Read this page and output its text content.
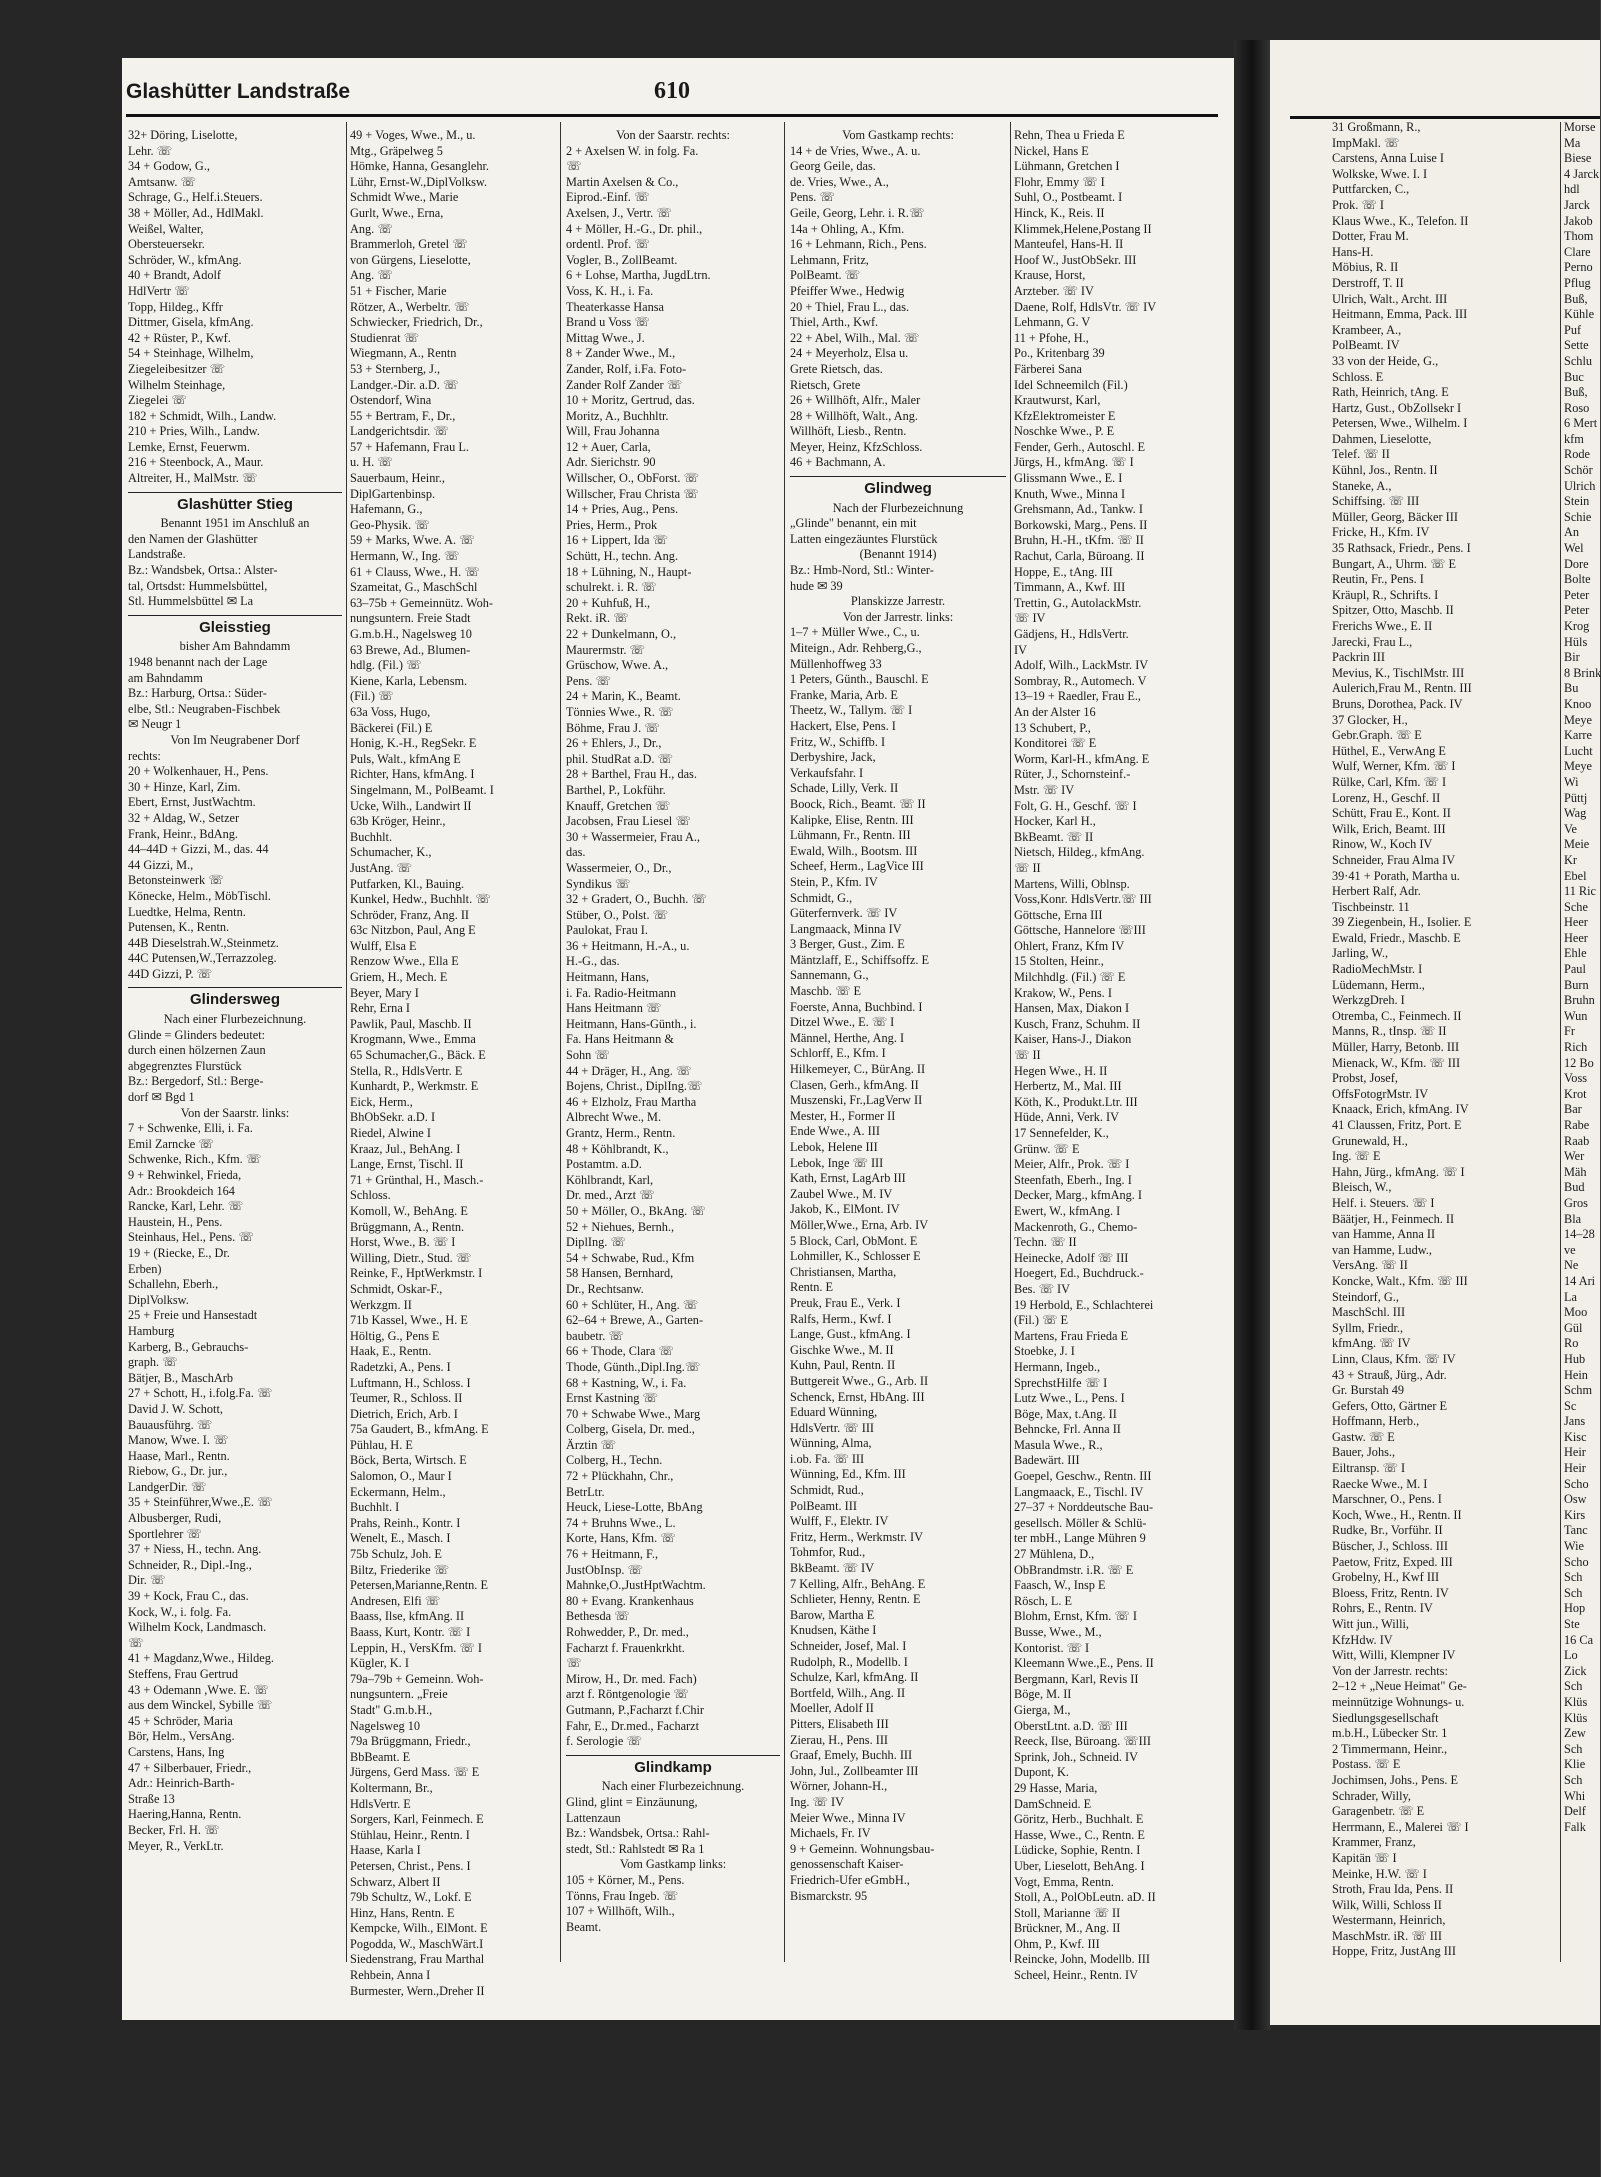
Glashütter Landstraße	610
32+ Döring, Liselotte,
Lehr. ☏
34 + Godow, G.,
Amtsanw. ☏
Schrage, G., Helf.i.Steuers.
38 + Möller, Ad., HdlMakl.
Weißel, Walter,
Obersteuersekr.
Schröder, W., kfmAng.
40 + Brandt, Adolf
HdlVertr ☏
Topp, Hildeg., Kffr
Dittmer, Gisela, kfmAng.
42 + Rüster, P., Kwf.
54 + Steinhage, Wilhelm,
Ziegeleibesitzer ☏
Wilhelm Steinhage,
Ziegelei ☏
182 + Schmidt, Wilh., Landw.
210 + Pries, Wilh., Landw.
Lemke, Ernst, Feuerwm.
216 + Steenbock, A., Maur.
Altreiter, H., MalMstr. ☏
Glashütter Stieg
Benannt 1951 im Anschluß an
den Namen der Glashütter
Landstraße.
Bz.: Wandsbek, Ortsa.: Alster-
tal, Ortsdst: Hummelsbüttel,
Stl. Hummelsbüttel ✉ La
Gleisstieg
bisher Am Bahndamm
1948 benannt nach der Lage
am Bahndamm
Bz.: Harburg, Ortsa.: Süder-
elbe, Stl.: Neugraben-Fischbek
✉ Neugr 1
Von Im Neugrabener Dorf
rechts:
20 + Wolkenhauer, H., Pens.
30 + Hinze, Karl, Zim.
Ebert, Ernst, JustWachtm.
32 + Aldag, W., Setzer
Frank, Heinr., BdAng.
44–44D + Gizzi, M., das. 44
44 Gizzi, M.,
Betonsteinwerk ☏
Könecke, Helm., MöbTischl.
Luedtke, Helma, Rentn.
Putensen, K., Rentn.
44B Dieselstrah.W.,Steinmetz.
44C Putensen,W.,Terrazzoleg.
44D Gizzi, P. ☏
Glindersweg
Nach einer Flurbezeichnung.
Glinde = Glinders bedeutet:
durch einen hölzernen Zaun
abgegrenztes Flurstück
Bz.: Bergedorf, Stl.: Berge-
dorf ✉ Bgd 1
Von der Saarstr. links:
7 + Schwenke, Elli, i. Fa.
Emil Zarncke ☏
Schwenke, Rich., Kfm. ☏
9 + Rehwinkel, Frieda,
Adr.: Brookdeich 164
Rancke, Karl, Lehr. ☏
Haustein, H., Pens.
Steinhaus, Hel., Pens. ☏
19 + (Riecke, E., Dr.
Erben)
Schallehn, Eberh.,
DiplVolksw.
25 + Freie und Hansestadt
Hamburg
Karberg, B., Gebrauchs-
graph. ☏
Bätjer, B., MaschArb
27 + Schott, H., i.folg.Fa. ☏
David J. W. Schott,
Bauausführg. ☏
Manow, Wwe. I. ☏
Haase, Marl., Rentn.
Riebow, G., Dr. jur.,
LandgerDir. ☏
35 + Steinführer,Wwe.,E. ☏
Albusberger, Rudi,
Sportlehrer ☏
37 + Niess, H., techn. Ang.
Schneider, R., Dipl.-Ing.,
Dir. ☏
39 + Kock, Frau C., das.
Kock, W., i. folg. Fa.
Wilhelm Kock, Landmasch.
☏
41 + Magdanz,Wwe., Hildeg.
Steffens, Frau Gertrud
43 + Odemann ,Wwe. E. ☏
aus dem Winckel, Sybille ☏
45 + Schröder, Maria
Bör, Helm., VersAng.
Carstens, Hans, Ing
47 + Silberbauer, Friedr.,
Adr.: Heinrich-Barth-
Straße 13
Haering,Hanna, Rentn.
Becker, Frl. H. ☏
Meyer, R., VerkLtr.
49 + Voges, Wwe., M., u.
Mtg., Gräpelweg 5
Hömke, Hanna, Gesanglehr.
Lühr, Ernst-W.,DiplVolksw.
Schmidt Wwe., Marie
Gurlt, Wwe., Erna,
Ang. ☏
Brammerloh, Gretel ☏
von Gürgens, Lieselotte,
Ang. ☏
51 + Fischer, Marie
Rötzer, A., Werbeltr. ☏
Schwiecker, Friedrich, Dr.,
Studienrat ☏
Wiegmann, A., Rentn
53 + Sternberg, J.,
Landger.-Dir. a.D. ☏
Ostendorf, Wina
55 + Bertram, F., Dr.,
Landgerichtsdir. ☏
57 + Hafemann, Frau L.
u. H. ☏
Sauerbaum, Heinr.,
DiplGartenbinsp.
Hafemann, G.,
Geo-Physik. ☏
59 + Marks, Wwe. A. ☏
Hermann, W., Ing. ☏
61 + Clauss, Wwe., H. ☏
Szameitat, G., MaschSchl
63–75b + Gemeinnütz. Woh-
nungsuntern. Freie Stadt
G.m.b.H., Nagelsweg 10
63 Brewe, Ad., Blumen-
hdlg. (Fil.) ☏
Kiene, Karla, Lebensm.
(Fil.) ☏
63a Voss, Hugo,
Bäckerei (Fil.) E
Honig, K.-H., RegSekr. E
Puls, Walt., kfmAng E
Richter, Hans, kfmAng. I
Singelmann, M., PolBeamt. I
Ucke, Wilh., Landwirt II
63b Kröger, Heinr.,
Buchhlt.
Schumacher, K.,
JustAng. ☏
Putfarken, Kl., Bauing.
Kunkel, Hedw., Buchhlt. ☏
Schröder, Franz, Ang. II
63c Nitzbon, Paul, Ang E
Wulff, Elsa E
Renzow Wwe., Ella E
Griem, H., Mech. E
Beyer, Mary I
Rehr, Erna I
Pawlik, Paul, Maschb. II
Krogmann, Wwe., Emma
65 Schumacher,G., Bäck. E
Stella, R., HdlsVertr. E
Kunhardt, P., Werkmstr. E
Eick, Herm.,
BhObSekr. a.D. I
Riedel, Alwine I
Kraaz, Jul., BehAng. I
Lange, Ernst, Tischl. II
71 + Grünthal, H., Masch.-
Schloss.
Komoll, W., BehAng. E
Brüggmann, A., Rentn.
Horst, Wwe., B. ☏ I
Willing, Dietr., Stud. ☏
Reinke, F., HptWerkmstr. I
Schmidt, Oskar-F.,
Werkzgm. II
71b Kassel, Wwe., H. E
Höltig, G., Pens E
Haak, E., Rentn.
Radetzki, A., Pens. I
Luftmann, H., Schloss. I
Teumer, R., Schloss. II
Dietrich, Erich, Arb. I
75a Gaudert, B., kfmAng. E
Pühlau, H. E
Böck, Berta, Wirtsch. E
Salomon, O., Maur I
Eckermann, Helm.,
Buchhlt. I
Prahs, Reinh., Kontr. I
Wenelt, E., Masch. I
75b Schulz, Joh. E
Biltz, Friederike ☏
Petersen,Marianne,Rentn. E
Andresen, Elfi ☏
Baass, Ilse, kfmAng. II
Baass, Kurt, Kontr. ☏ I
Leppin, H., VersKfm. ☏ I
Kügler, K. I
79a–79b + Gemeinn. Woh-
nungsuntern. „Freie
Stadt" G.m.b.H.,
Nagelsweg 10
79a Brüggmann, Friedr.,
BbBeamt. E
Jürgens, Gerd Mass. ☏ E
Koltermann, Br.,
HdlsVertr. E
Sorgers, Karl, Feinmech. E
Stühlau, Heinr., Rentn. I
Haase, Karla I
Petersen, Christ., Pens. I
Schwarz, Albert II
79b Schultz, W., Lokf. E
Hinz, Hans, Rentn. E
Kempcke, Wilh., ElMont. E
Pogodda, W., MaschWärt.I
Siedenstrang, Frau Marthal
Rehbein, Anna I
Burmester, Wern.,Dreher II
Von der Saarstr. rechts:
2 + Axelsen W. in folg. Fa.
☏
Martin Axelsen & Co.,
Eiprod.-Einf. ☏
Axelsen, J., Vertr. ☏
4 + Möller, H.-G., Dr. phil.,
ordentl. Prof. ☏
Vogler, B., ZollBeamt.
6 + Lohse, Martha, JugdLtrn.
Voss, K. H., i. Fa.
Theaterkasse Hansa
Brand u Voss ☏
Mittag Wwe., J.
8 + Zander Wwe., M.,
Zander, Rolf, i.Fa. Foto-
Zander Rolf Zander ☏
10 + Moritz, Gertrud, das.
Moritz, A., Buchhltr.
Will, Frau Johanna
12 + Auer, Carla,
Adr. Sierichstr. 90
Willscher, O., ObForst. ☏
Willscher, Frau Christa ☏
14 + Pries, Aug., Pens.
Pries, Herm., Prok
16 + Lippert, Ida ☏
Schütt, H., techn. Ang.
18 + Lühning, N., Haupt-
schulrekt. i. R. ☏
20 + Kuhfuß, H.,
Rekt. iR. ☏
22 + Dunkelmann, O.,
Maurermstr. ☏
Grüschow, Wwe. A.,
Pens. ☏
24 + Marin, K., Beamt.
Tönnies Wwe., R. ☏
Böhme, Frau J. ☏
26 + Ehlers, J., Dr.,
phil. StudRat a.D. ☏
28 + Barthel, Frau H., das.
Barthel, P., Lokführ.
Knauff, Gretchen ☏
Jacobsen, Frau Liesel ☏
30 + Wassermeier, Frau A.,
das.
Wassermeier, O., Dr.,
Syndikus ☏
32 + Gradert, O., Buchh. ☏
Stüber, O., Polst. ☏
Paulokat, Frau I.
36 + Heitmann, H.-A., u.
H.-G., das.
Heitmann, Hans,
i. Fa. Radio-Heitmann
Hans Heitmann ☏
Heitmann, Hans-Günth., i.
Fa. Hans Heitmann &
Sohn ☏
44 + Dräger, H., Ang. ☏
Bojens, Christ., DiplIng.☏
46 + Elzholz, Frau Martha
Albrecht Wwe., M.
Grantz, Herm., Rentn.
48 + Köhlbrandt, K.,
Postamtm. a.D.
Köhlbrandt, Karl,
Dr. med., Arzt ☏
50 + Möller, O., BkAng. ☏
52 + Niehues, Bernh.,
DiplIng. ☏
54 + Schwabe, Rud., Kfm
58 Hansen, Bernhard,
Dr., Rechtsanw.
60 + Schlüter, H., Ang. ☏
62–64 + Brewe, A., Garten-
baubetr. ☏
66 + Thode, Clara ☏
Thode, Günth.,Dipl.Ing.☏
68 + Kastning, W., i. Fa.
Ernst Kastning ☏
70 + Schwabe Wwe., Marg
Colberg, Gisela, Dr. med.,
Ärztin ☏
Colberg, H., Techn.
72 + Plückhahn, Chr.,
BetrLtr.
Heuck, Liese-Lotte, BbAng
74 + Bruhns Wwe., L.
Korte, Hans, Kfm. ☏
76 + Heitmann, F.,
JustObInsp. ☏
Mahnke,O.,JustHptWachtm.
80 + Evang. Krankenhaus
Bethesda ☏
Rohwedder, P., Dr. med.,
Facharzt f. Frauenkrkht.
☏
Mirow, H., Dr. med. Fach)
arzt f. Röntgenologie ☏
Gutmann, P.,Facharzt f.Chir
Fahr, E., Dr.med., Facharzt
f. Serologie ☏
Glindkamp
Nach einer Flurbezeichnung.
Glind, glint = Einzäunung,
Lattenzaun
Bz.: Wandsbek, Ortsa.: Rahl-
stedt, Stl.: Rahlstedt ✉ Ra 1
Vom Gastkamp links:
105 + Körner, M., Pens.
Tönns, Frau Ingeb. ☏
107 + Willhöft, Wilh.,
Beamt.
Vom Gastkamp rechts:
14 + de Vries, Wwe., A. u.
Georg Geile, das.
de. Vries, Wwe., A.,
Pens. ☏
Geile, Georg, Lehr. i. R.☏
14a + Ohling, A., Kfm.
16 + Lehmann, Rich., Pens.
Lehmann, Fritz,
PolBeamt. ☏
Pfeiffer Wwe., Hedwig
20 + Thiel, Frau L., das.
Thiel, Arth., Kwf.
22 + Abel, Wilh., Mal. ☏
24 + Meyerholz, Elsa u.
Grete Rietsch, das.
Rietsch, Grete
26 + Willhöft, Alfr., Maler
28 + Willhöft, Walt., Ang.
Willhöft, Liesb., Rentn.
Meyer, Heinz, KfzSchloss.
46 + Bachmann, A.
Glindweg
Nach der Flurbezeichnung
„Glinde" benannt, ein mit
Latten eingezäuntes Flurstück
(Benannt 1914)
Bz.: Hmb-Nord, Stl.: Winter-
hude ✉ 39
Planskizze Jarrestr.
Von der Jarrestr. links:
1–7 + Müller Wwe., C., u.
Miteign., Adr. Rehberg,G.,
Müllenhoffweg 33
1 Peters, Günth., Bauschl. E
Franke, Maria, Arb. E
Theetz, W., Tallym. ☏ I
Hackert, Else, Pens. I
Fritz, W., Schiffb. I
Derbyshire, Jack,
Verkaufsfahr. I
Schade, Lilly, Verk. II
Boock, Rich., Beamt. ☏ II
Kalipke, Elise, Rentn. III
Lühmann, Fr., Rentn. III
Ewald, Wilh., Bootsm. III
Scheef, Herm., LagVice III
Stein, P., Kfm. IV
Schmidt, G.,
Güterfernverk. ☏ IV
Langmaack, Minna IV
3 Berger, Gust., Zim. E
Mäntzlaff, E., Schiffsoffz. E
Sannemann, G.,
Maschb. ☏ E
Foerste, Anna, Buchbind. I
Ditzel Wwe., E. ☏ I
Männel, Herthe, Ang. I
Schlorff, E., Kfm. I
Hilkemeyer, C., BürAng. II
Clasen, Gerh., kfmAng. II
Muszenski, Fr.,LagVerw II
Mester, H., Former II
Ende Wwe., A. III
Lebok, Helene III
Lebok, Inge ☏ III
Kath, Ernst, LagArb III
Zaubel Wwe., M. IV
Jakob, K., ElMont. IV
Möller,Wwe., Erna, Arb. IV
5 Block, Carl, ObMont. E
Lohmiller, K., Schlosser E
Christiansen, Martha,
Rentn. E
Preuk, Frau E., Verk. I
Ralfs, Herm., Kwf. I
Lange, Gust., kfmAng. I
Gischke Wwe., M. II
Kuhn, Paul, Rentn. II
Buttgereit Wwe., G., Arb. II
Schenck, Ernst, HbAng. III
Eduard Wünning,
HdlsVertr. ☏ III
Wünning, Alma,
i.ob. Fa. ☏ III
Wünning, Ed., Kfm. III
Schmidt, Rud.,
PolBeamt. III
Wulff, F., Elektr. IV
Fritz, Herm., Werkmstr. IV
Tohmfor, Rud.,
BkBeamt. ☏ IV
7 Kelling, Alfr., BehAng. E
Schlieter, Henny, Rentn. E
Barow, Martha E
Knudsen, Käthe I
Schneider, Josef, Mal. I
Rudolph, R., Modellb. I
Schulze, Karl, kfmAng. II
Bortfeld, Wilh., Ang. II
Moeller, Adolf II
Pitters, Elisabeth III
Zierau, H., Pens. III
Graaf, Emely, Buchh. III
John, Jul., Zollbeamter III
Wörner, Johann-H.,
Ing. ☏ IV
Meier Wwe., Minna IV
Michaels, Fr. IV
9 + Gemeinn. Wohnungsbau-
genossenschaft Kaiser-
Friedrich-Ufer eGmbH.,
Bismarckstr. 95
Rehn, Thea u Frieda E
Nickel, Hans E
Lühmann, Gretchen I
Flohr, Emmy ☏ I
Suhl, O., Postbeamt. I
Hinck, K., Reis. II
Klimmek,Helene,Postang II
Manteufel, Hans-H. II
Hoof W., JustObSekr. III
Krause, Horst,
Arzteber. ☏ IV
Daene, Rolf, HdlsVtr. ☏ IV
Lehmann, G. V
11 + Pfohe, H.,
Po., Kritenbarg 39
Färberei Sana
Idel Schneemilch (Fil.)
Krautwurst, Karl,
KfzElektromeister E
Noschke Wwe., P. E
Fender, Gerh., Autoschl. E
Jürgs, H., kfmAng. ☏ I
Glissmann Wwe., E. I
Knuth, Wwe., Minna I
Grehsmann, Ad., Tankw. I
Borkowski, Marg., Pens. II
Bruhn, H.-H., tKfm. ☏ II
Rachut, Carla, Büroang. II
Hoppe, E., tAng. III
Timmann, A., Kwf. III
Trettin, G., AutolackMstr.
☏ IV
Gädjens, H., HdlsVertr.
IV
Adolf, Wilh., LackMstr. IV
Sombray, R., Automech. V
13–19 + Raedler, Frau E.,
An der Alster 16
13 Schubert, P.,
Konditorei ☏ E
Worm, Karl-H., kfmAng. E
Rüter, J., Schornsteinf.-
Mstr. ☏ IV
Folt, G. H., Geschf. ☏ I
Hocker, Karl H.,
BkBeamt. ☏ II
Nietsch, Hildeg., kfmAng.
☏ II
Martens, Willi, Oblnsp.
Voss,Konr. HdlsVertr.☏ III
Göttsche, Erna III
Göttsche, Hannelore ☏III
Ohlert, Franz, Kfm IV
15 Stolten, Heinr.,
Milchhdlg. (Fil.) ☏ E
Krakow, W., Pens. I
Hansen, Max, Diakon I
Kusch, Franz, Schuhm. II
Kaiser, Hans-J., Diakon
☏ II
Hegen Wwe., H. II
Herbertz, M., Mal. III
Köth, K., Produkt.Ltr. III
Hüde, Anni, Verk. IV
17 Sennefelder, K.,
Grünw. ☏ E
Meier, Alfr., Prok. ☏ I
Steenfath, Eberh., Ing. I
Decker, Marg., kfmAng. I
Ewert, W., kfmAng. I
Mackenroth, G., Chemo-
Techn. ☏ II
Heinecke, Adolf ☏ III
Hoegert, Ed., Buchdruck.-
Bes. ☏ IV
19 Herbold, E., Schlachterei
(Fil.) ☏ E
Martens, Frau Frieda E
Stoebke, J. I
Hermann, Ingeb.,
SprechstHilfe ☏ I
Lutz Wwe., L., Pens. I
Böge, Max, t.Ang. II
Behncke, Frl. Anna II
Masula Wwe., R.,
Badewärt. III
Goepel, Geschw., Rentn. III
Langmaack, E., Tischl. IV
27–37 + Norddeutsche Bau-
gesellsch. Möller & Schlü-
ter mbH., Lange Mühren 9
27 Mühlena, D.,
ObBrandmstr. i.R. ☏ E
Faasch, W., Insp E
Rösch, L. E
Blohm, Ernst, Kfm. ☏ I
Busse, Wwe., M.,
Kontorist. ☏ I
Kleemann Wwe.,E., Pens. II
Bergmann, Karl, Revis II
Böge, M. II
Gierga, M.,
OberstLtnt. a.D. ☏ III
Reeck, Ilse, Büroang. ☏III
Sprink, Joh., Schneid. IV
Dupont, K.
29 Hasse, Maria,
DamSchneid. E
Göritz, Herb., Buchhalt. E
Hasse, Wwe., C., Rentn. E
Lüdicke, Sophie, Rentn. I
Uber, Lieselott, BehAng. I
Vogt, Emma, Rentn.
Stoll, A., PolObLeutn. aD. II
Stoll, Marianne ☏ II
Brückner, M., Ang. II
Ohm, P., Kwf. III
Reincke, John, Modellb. III
Scheel, Heinr., Rentn. IV
31 Großmann, R.,
ImpMakl. ☏
Carstens, Anna Luise I
Wolkske, Wwe. I. I
Puttfarcken, C.,
Prok. ☏ I
Klaus Wwe., K., Telefon. II
Dotter, Frau M.
Hans-H.
Möbius, R. II
Derstroff, T. II
Ulrich, Walt., Archt. III
Heitmann, Emma, Pack. III
Krambeer, A.,
PolBeamt. IV
33 von der Heide, G.,
Schloss. E
Rath, Heinrich, tAng. E
Hartz, Gust., ObZollsekr I
Petersen, Wwe., Wilhelm. I
Dahmen, Lieselotte,
Telef. ☏ II
Kühnl, Jos., Rentn. II
Staneke, A.,
Schiffsing. ☏ III
Müller, Georg, Bäcker III
Fricke, H., Kfm. IV
35 Rathsack, Friedr., Pens. I
Bungart, A., Uhrm. ☏ E
Reutin, Fr., Pens. I
Kräupl, R., Schrifts. I
Spitzer, Otto, Maschb. II
Frerichs Wwe., E. II
Jarecki, Frau L.,
Packrin III
Mevius, K., TischlMstr. III
Aulerich,Frau M., Rentn. III
Bruns, Dorothea, Pack. IV
37 Glocker, H.,
Gebr.Graph. ☏ E
Hüthel, E., VerwAng E
Wulf, Werner, Kfm. ☏ I
Rülke, Carl, Kfm. ☏ I
Lorenz, H., Geschf. II
Schütt, Frau E., Kont. II
Wilk, Erich, Beamt. III
Rinow, W., Koch IV
Schneider, Frau Alma IV
39·41 + Porath, Martha u.
Herbert Ralf, Adr.
Tischbeinstr. 11
39 Ziegenbein, H., Isolier. E
Ewald, Friedr., Maschb. E
Jarling, W.,
RadioMechMstr. I
Lüdemann, Herm.,
WerkzgDreh. I
Otremba, C., Feinmech. II
Manns, R., tInsp. ☏ II
Müller, Harry, Betonb. III
Mienack, W., Kfm. ☏ III
Probst, Josef,
OffsFotogrMstr. IV
Knaack, Erich, kfmAng. IV
41 Claussen, Fritz, Port. E
Grunewald, H.,
Ing. ☏ E
Hahn, Jürg., kfmAng. ☏ I
Bleisch, W.,
Helf. i. Steuers. ☏ I
Bäätjer, H., Feinmech. II
van Hamme, Anna II
van Hamme, Ludw.,
VersAng. ☏ II
Koncke, Walt., Kfm. ☏ III
Steindorf, G.,
MaschSchl. III
Syllm, Friedr.,
kfmAng. ☏ IV
Linn, Claus, Kfm. ☏ IV
43 + Strauß, Jürg., Adr.
Gr. Burstah 49
Gefers, Otto, Gärtner E
Hoffmann, Herb.,
Gastw. ☏ E
Bauer, Johs.,
Eiltransp. ☏ I
Raecke Wwe., M. I
Marschner, O., Pens. I
Koch, Wwe., H., Rentn. II
Rudke, Br., Vorführ. II
Büscher, J., Schloss. III
Paetow, Fritz, Exped. III
Grobelny, H., Kwf III
Bloess, Fritz, Rentn. IV
Rohrs, E., Rentn. IV
Witt jun., Willi,
KfzHdw. IV
Witt, Willi, Klempner IV
Von der Jarrestr. rechts:
2–12 + „Neue Heimat" Ge-
meinnützige Wohnungs- u.
Siedlungsgesellschaft
m.b.H., Lübecker Str. 1
2 Timmermann, Heinr.,
Postass. ☏ E
Jochimsen, Johs., Pens. E
Schrader, Willy,
Garagenbetr. ☏ E
Herrmann, E., Malerei ☏ I
Krammer, Franz,
Kapitän ☏ I
Meinke, H.W. ☏ I
Stroth, Frau Ida, Pens. II
Wilk, Willi, Schloss II
Westermann, Heinrich,
MaschMstr. iR. ☏ III
Hoppe, Fritz, JustAng III
Morse
Ma
Biese
4 Jarck
hdl
Jarck
Jakob
Thom
Clare
Perno
Pflug
Buß,
Kühle
Puf
Sette
Schlu
Buc
Buß,
Roso
6 Mert
kfm
Rode
Schör
Ulrich
Stein
Schie
An
Wel
Dore
Bolte
Peter
Peter
Krog
Hüls
Bir
8 Brink
Bu
Knoo
Meye
Karre
Lucht
Meye
Wi
Püttj
Wag
Ve
Meie
Kr
Ebel
11 Ric
Sche
Heer
Heer
Ehle
Paul
Burn
Bruhn
Wun
Fr
Rich
12 Bo
Voss
Krot
Bar
Rabe
Raab
Wer
Mäh
Bud
Gros
Bla
14–28
ve
Ne
14 Ari
La
Moo
Gül
Ro
Hub
Hein
Schm
Sc
Jans
Kisc
Heir
Heir
Scho
Osw
Kirs
Tanc
Wie
Scho
Sch
Sch
Hop
Ste
16 Ca
Lo
Zick
Sch
Klüs
Klüs
Zew
Sch
Klie
Sch
Whi
Delf
Falk
